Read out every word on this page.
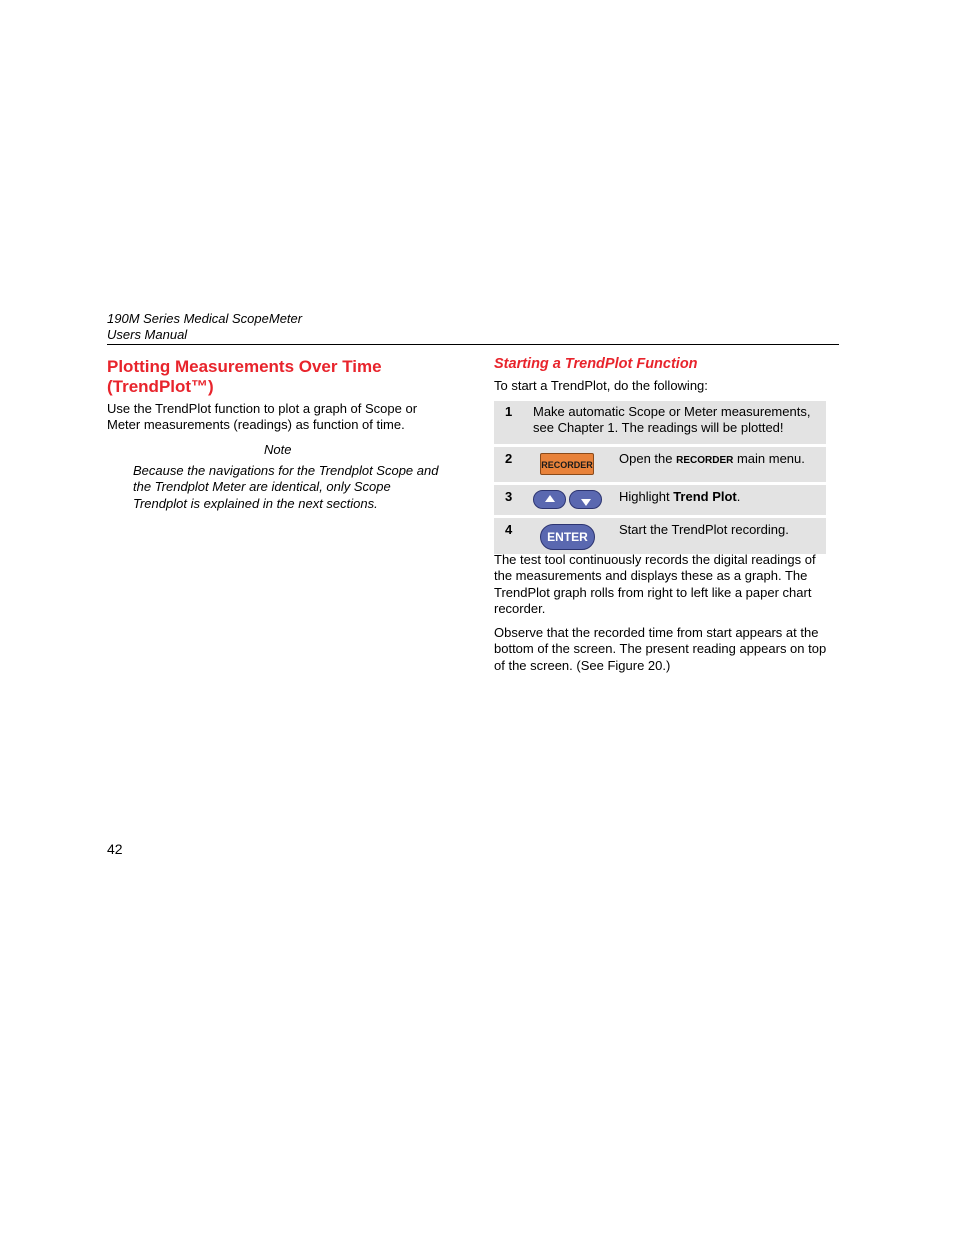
190M Series Medical ScopeMeter
Users Manual
Plotting Measurements Over Time
(TrendPlot™)
Use the TrendPlot function to plot a graph of Scope or Meter measurements (readings) as function of time.
Note
Because the navigations for the Trendplot Scope and the Trendplot Meter are identical, only Scope Trendplot is explained in the next sections.
Starting a TrendPlot Function
To start a TrendPlot, do the following:
1 Make automatic Scope or Meter measurements, see Chapter 1. The readings will be plotted!
2	RECORDER Open the RECORDER main menu.
3	Highlight Trend Plot.
4	ENTER	Start the TrendPlot recording.
The test tool continuously records the digital readings of the measurements and displays these as a graph. The TrendPlot graph rolls from right to left like a paper chart recorder.
Observe that the recorded time from start appears at the bottom of the screen. The present reading appears on top of the screen. (See Figure 20.)
42
